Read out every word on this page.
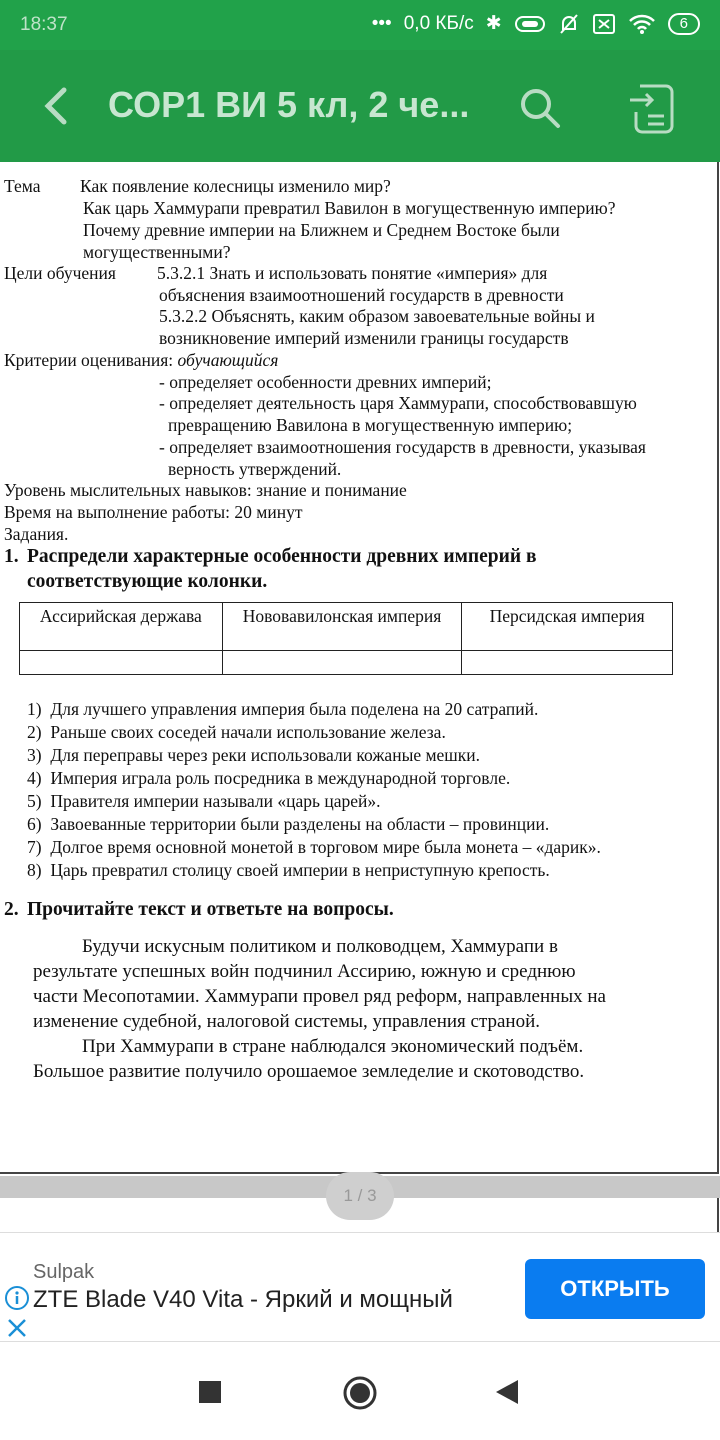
18:37	••• 0,0 КБ/с ✱	6
СОР1 ВИ 5 кл, 2 че...
Тема Как появление колесницы изменило мир?
Как царь Хаммурапи превратил Вавилон в могущественную империю?
Почему древние империи на Ближнем и Среднем Востоке были
могущественными?
Цели обучения 5.3.2.1 Знать и использовать понятие «империя» для
объяснения взаимоотношений государств в древности
5.3.2.2 Объяснять, каким образом завоевательные войны и
возникновение империй изменили границы государств
Критерии оценивания: обучающийся
- определяет особенности древних империй;
- определяет деятельность царя Хаммурапи, способствовавшую
превращению Вавилона в могущественную империю;
- определяет взаимоотношения государств в древности, указывая
верность утверждений.
Уровень мыслительных навыков: знание и понимание
Время на выполнение работы: 20 минут
Задания.
1. Распредели характерные особенности древних империй в
соответствующие колонки.
Ассирийская держава	Нововавилонская империя	Персидская империя

1) Для лучшего управления империя была поделена на 20 сатрапий.
2) Раньше своих соседей начали использование железа.
3) Для переправы через реки использовали кожаные мешки.
4) Империя играла роль посредника в международной торговле.
5) Правителя империи называли «царь царей».
6) Завоеванные территории были разделены на области – провинции.
7) Долгое время основной монетой в торговом мире была монета – «дарик».
8) Царь превратил столицу своей империи в неприступную крепость.
2. Прочитайте текст и ответьте на вопросы.
Будучи искусным политиком и полководцем, Хаммурапи в
результате успешных войн подчинил Ассирию, южную и среднюю
части Месопотамии. Хаммурапи провел ряд реформ, направленных на
изменение судебной, налоговой системы, управления страной.
При Хаммурапи в стране наблюдался экономический подъём.
Большое развитие получило орошаемое земледелие и скотоводство.
1 / 3
Sulpak
ZTE Blade V40 Vita - Яркий и мощный	ОТКРЫТЬ
